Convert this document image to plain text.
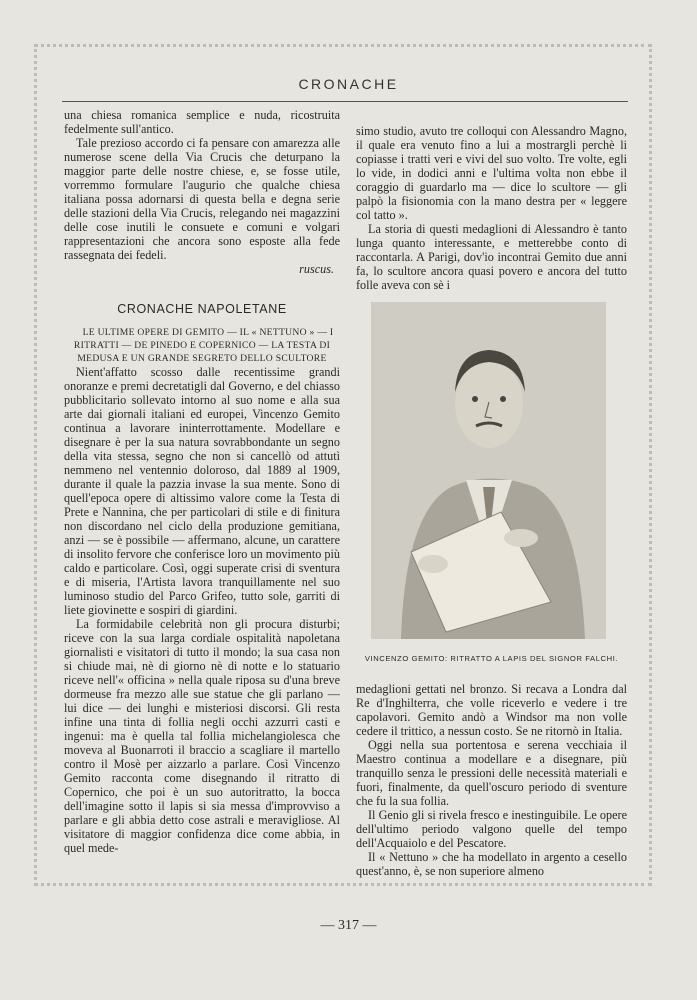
CRONACHE

una chiesa romanica semplice e nuda, ricostruita fedelmente sull'antico.

Tale prezioso accordo ci fa pensare con amarezza alle numerose scene della Via Crucis che deturpano la maggior parte delle nostre chiese, e, se fosse utile, vorremmo formulare l'augurio che qualche chiesa italiana possa adornarsi di questa bella e degna serie delle stazioni della Via Crucis, relegando nei magazzini delle cose inutili le consuete e comuni e volgari rappresentazioni che ancora sono esposte alla fede rassegnata dei fedeli.

ruscus.

CRONACHE NAPOLETANE

LE ULTIME OPERE DI GEMITO — IL « NETTUNO » — I RITRATTI — DE PINEDO E COPERNICO — LA TESTA DI MEDUSA E UN GRANDE SEGRETO DELLO SCULTORE

Nient'affatto scosso dalle recentissime grandi onoranze e premi decretatigli dal Governo, e del chiasso pubblicitario sollevato intorno al suo nome e alla sua arte dai giornali italiani ed europei, Vincenzo Gemito continua a lavorare ininterrottamente. Modellare e disegnare è per la sua natura sovrabbondante un segno della vita stessa, segno che non si cancellò od attutì nemmeno nel ventennio doloroso, dal 1889 al 1909, durante il quale la pazzia invase la sua mente. Sono di quell'epoca opere di altissimo valore come la Testa di Prete e Nannina, che per particolari di stile e di finitura non discordano nel ciclo della produzione gemitiana, anzi — se è possibile — affermano, alcune, un carattere di insolito fervore che conferisce loro un movimento più caldo e particolare. Così, oggi superate crisi di sventura e di miseria, l'Artista lavora tranquillamente nel suo luminoso studio del Parco Grifeo, tutto sole, garriti di liete giovinette e sospiri di giardini.

La formidabile celebrità non gli procura disturbi; riceve con la sua larga cordiale ospitalità napoletana giornalisti e visitatori di tutto il mondo; la sua casa non si chiude mai, nè di giorno nè di notte e lo statuario riceve nell'« officina » nella quale riposa su d'una breve dormeuse fra mezzo alle sue statue che gli parlano — lui dice — dei lunghi e misteriosi discorsi. Gli resta infine una tinta di follia negli occhi azzurri casti e ingenui: ma è quella tal follia michelangiolesca che moveva al Buonarroti il braccio a scagliare il martello contro il Mosè per aizzarlo a parlare. Così Vincenzo Gemito racconta come disegnando il ritratto di Copernico, che poi è un suo autoritratto, la bocca dell'imagine sotto il lapis si sia messa d'improvviso a parlare e gli abbia detto cose astrali e meravigliose. Al visitatore di maggior confidenza dice come abbia, in quel mede-

simo studio, avuto tre colloqui con Alessandro Magno, il quale era venuto fino a lui a mostrargli perchè li copiasse i tratti veri e vivi del suo volto. Tre volte, egli lo vide, in dodici anni e l'ultima volta non ebbe il coraggio di guardarlo ma — dice lo scultore — gli palpò la fisionomia con la mano destra per « leggere col tatto ».

La storia di questi medaglioni di Alessandro è tanto lunga quanto interessante, e metterebbe conto di raccontarla. A Parigi, dov'io incontrai Gemito due anni fa, lo scultore ancora quasi povero e ancora del tutto folle aveva con sè i

VINCENZO GEMITO: RITRATTO A LAPIS DEL SIGNOR FALCHI.

medaglioni gettati nel bronzo. Si recava a Londra dal Re d'Inghilterra, che volle riceverlo e vedere i tre capolavori. Gemito andò a Windsor ma non volle cedere il trittico, a nessun costo. Se ne ritornò in Italia.

Oggi nella sua portentosa e serena vecchiaia il Maestro continua a modellare e a disegnare, più tranquillo senza le pressioni delle necessità materiali e fuori, finalmente, da quell'oscuro periodo di sventure che fu la sua follia.

Il Genio gli si rivela fresco e inestinguibile. Le opere dell'ultimo periodo valgono quelle del tempo dell'Acquaiolo e del Pescatore.

Il « Nettuno » che ha modellato in argento a cesello quest'anno, è, se non superiore almeno

— 317 —
